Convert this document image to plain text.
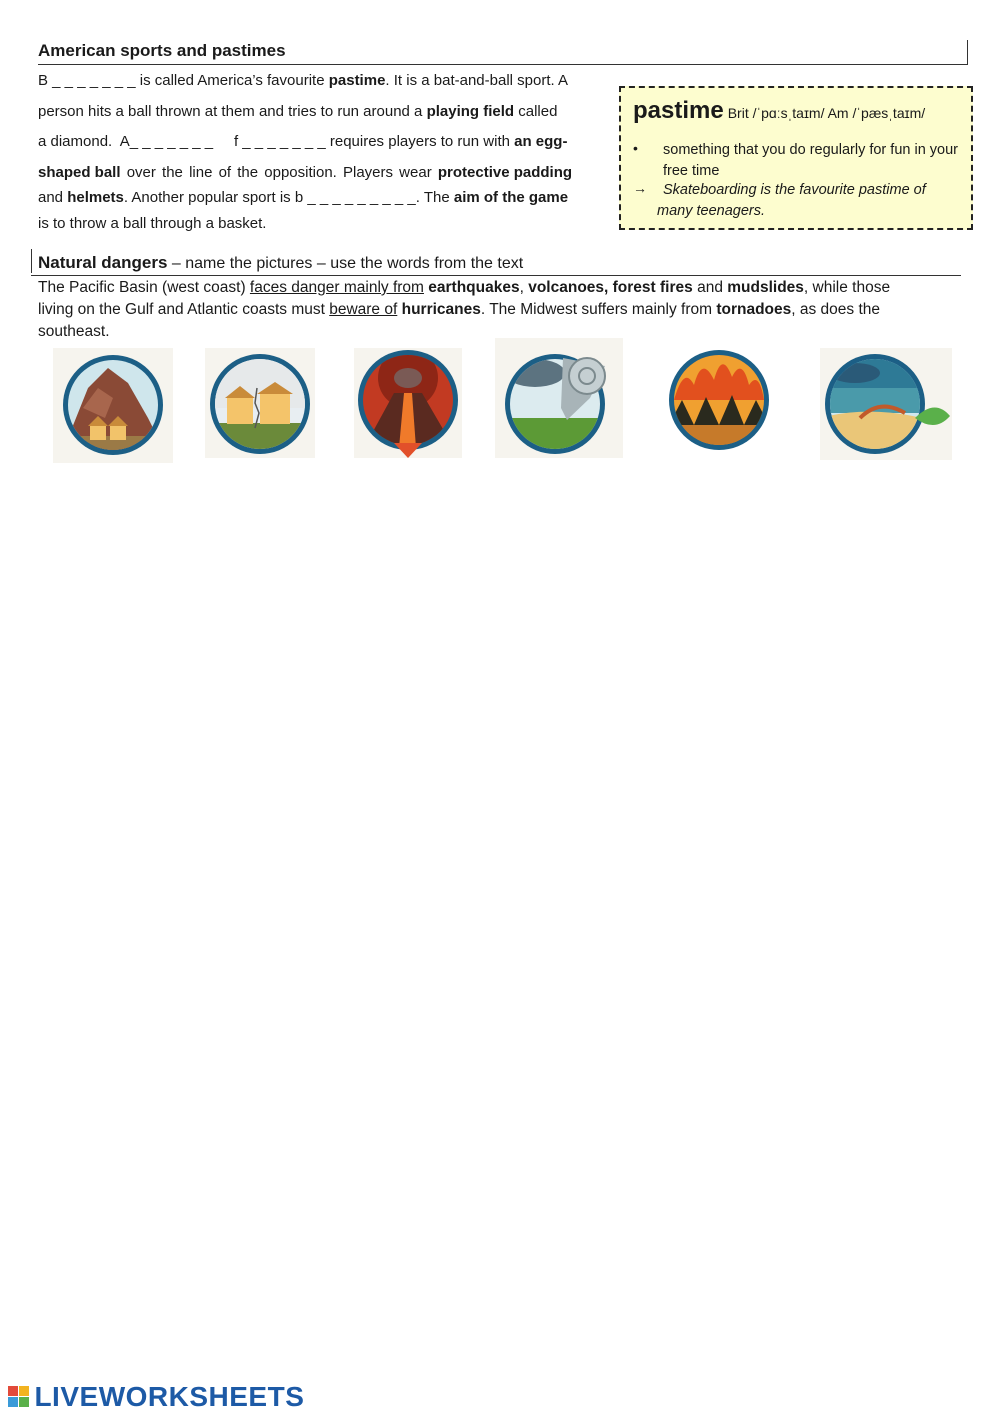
American sports and pastimes
B _ _ _ _ _ _ _ is called America’s favourite pastime. It is a bat-and-ball sport. A
person hits a ball thrown at them and tries to run around a playing field called
a diamond.  A_ _ _ _ _ _ _     f _ _ _ _ _ _ _ requires players to run with an egg-
shaped ball over the line of the opposition. Players wear protective padding
and helmets. Another popular sport is b _ _ _ _ _ _ _ _ _. The aim of the game
is to throw a ball through a basket.
pastime Brit /ˈpɑːsˌtaɪm/ Am /ˈpæsˌtaɪm/
• something that you do regularly for fun in your free time
→	Skateboarding is the favourite pastime of many teenagers.
Natural dangers – name the pictures – use the words from the text
The Pacific Basin (west coast) faces danger mainly from earthquakes, volcanoes, forest fires and mudslides, while those
living on the Gulf and Atlantic coasts must beware of hurricanes. The Midwest suffers mainly from tornadoes, as does the
southeast.
LIVEWORKSHEETS
